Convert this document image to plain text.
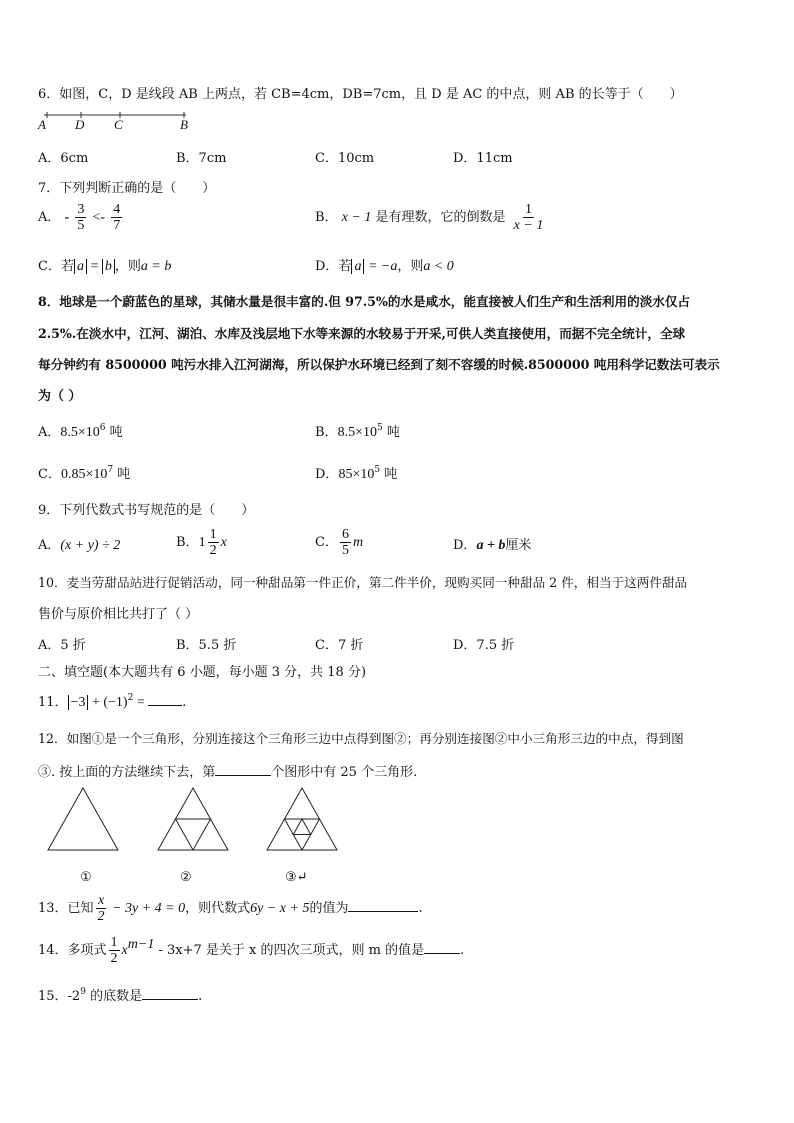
6．如图，C，D 是线段 AB 上两点，若 CB=4cm，DB=7cm，且 D 是 AC 的中点，则 AB 的长等于（　　）
A D C	B
A．6cm	B．7cm	C．10cm	D．11cm
7．下列判断正确的是（　　）
A． - $\frac{3}{5} <- \frac{4}{7}$	B． x − 1 是有理数，它的倒数是 $\frac{1}{x - 1}$
C．若 a = b ，则a = b	D．若 a = −a，则a < 0
8．地球是一个蔚蓝色的星球，其储水量是很丰富的.但 97.5%的水是咸水，能直接被人们生产和生活利用的淡水仅占
2.5%.在淡水中，江河、湖泊、水库及浅层地下水等来源的水较易于开采,可供人类直接使用，而据不完全统计，全球
每分钟约有 8500000 吨污水排入江河湖海，所以保护水环境已经到了刻不容缓的时候.8500000 吨用科学记数法可表示
为（ ）
A．$8.5\times 10^6$ 吨	B．$8.5\times 10^5$ 吨
C．$0.85\times 10^7$ 吨	D．$85\times 10^5$ 吨
9．下列代数式书写规范的是（　　）
A．(x + y) ÷ 2	B．$1 \frac{1}{2}$ x	C． $\frac{6}{5}$ m	D．a + b厘米
10．麦当劳甜品站进行促销活动，同一种甜品第一件正价，第二件半价，现购买同一种甜品 2 件，相当于这两件甜品
售价与原价相比共打了（ ）
A．5 折	B．5.5 折	C．7 折	D．7.5 折
二、填空题(本大题共有 6 小题，每小题 3 分，共 18 分)
11． $-3 + (-1)^2$ =	.
12．如图①是一个三角形，分别连接这个三角形三边中点得到图②；再分别连接图②中小三角形三边的中点，得到图
③. 按上面的方法继续下去，第	个图形中有 25 个三角形.
①	②	③↵
13．已知 $\frac{x}{2} - 3y + 4 = 0$，则代数式6y − x + 5的值为	.
14．多项式 $\frac{1}{2} x^{m-1} - 3x+7$ 是关于 x 的四次三项式，则 m 的值是	.
15．$-2^9$ 的底数是	.
